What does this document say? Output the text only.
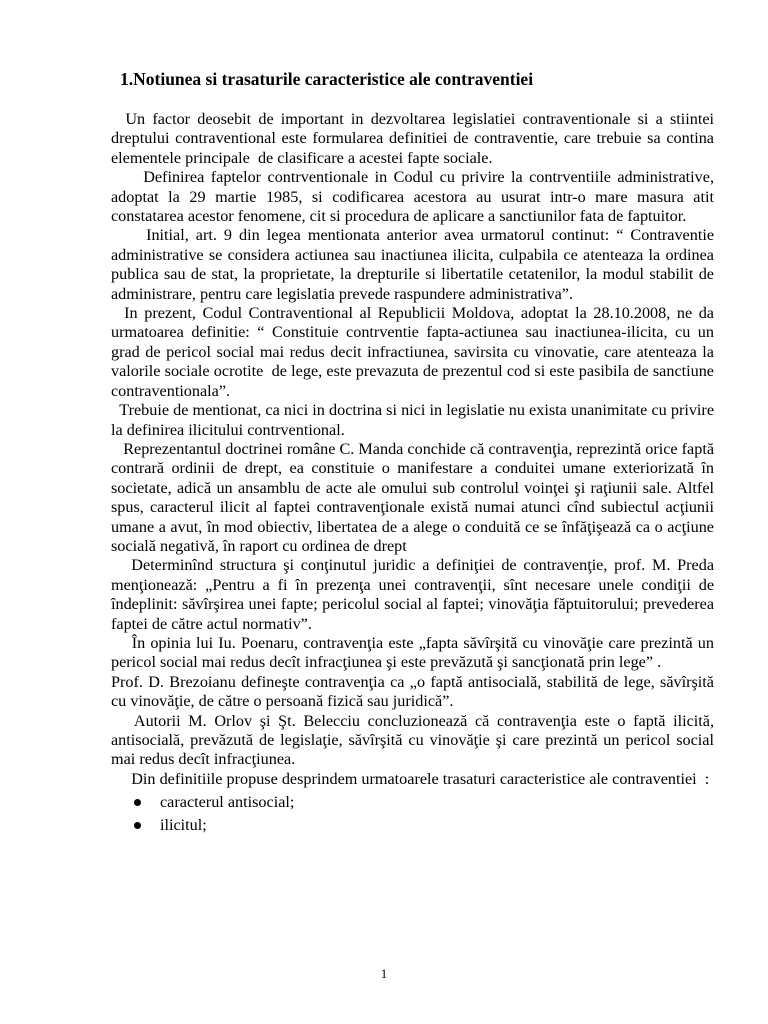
1.Notiunea si trasaturile caracteristice ale contraventiei

Un factor deosebit de important in dezvoltarea legislatiei contraventionale si a stiintei dreptului contraventional este formularea definitiei de contraventie, care trebuie sa contina elementele principale  de clasificare a acestei fapte sociale.

Definirea faptelor contrventionale in Codul cu privire la contrventiile administrative, adoptat la 29 martie 1985, si codificarea acestora au usurat intr-o mare masura atit constatarea acestor fenomene, cit si procedura de aplicare a sanctiunilor fata de faptuitor.

Initial, art. 9 din legea mentionata anterior avea urmatorul continut: “ Contraventie administrative se considera actiunea sau inactiunea ilicita, culpabila ce atenteaza la ordinea publica sau de stat, la proprietate, la drepturile si libertatile cetatenilor, la modul stabilit de administrare, pentru care legislatia prevede raspundere administrativa”.

In prezent, Codul Contraventional al Republicii Moldova, adoptat la 28.10.2008, ne da urmatoarea definitie: “ Constituie contrventie fapta-actiunea sau inactiunea-ilicita, cu un grad de pericol social mai redus decit infractiunea, savirsita cu vinovatie, care atenteaza la valorile sociale ocrotite  de lege, este prevazuta de prezentul cod si este pasibila de sanctiune contraventionala”.

Trebuie de mentionat, ca nici in doctrina si nici in legislatie nu exista unanimitate cu privire la definirea ilicitului contrventional.

Reprezentantul doctrinei române C. Manda conchide că contravenţia, reprezintă orice faptă contrară ordinii de drept, ea constituie o manifestare a conduitei umane exteriorizată în societate, adică un ansamblu de acte ale omului sub controlul voinţei şi raţiunii sale. Altfel spus, caracterul ilicit al faptei contravenţionale există numai atunci cînd subiectul acţiunii umane a avut, în mod obiectiv, libertatea de a alege o conduită ce se înfăţişează ca o acţiune socială negativă, în raport cu ordinea de drept

Determinînd structura şi conţinutul juridic a definiţiei de contravenţie, prof. M. Preda  menţionează: „Pentru a fi în prezenţa unei contravenţii, sînt necesare unele condiţii de îndeplinit: săvîrşirea unei fapte; pericolul social al faptei; vinovăţia făptuitorului; prevederea faptei de către actul normativ”.

În opinia lui Iu. Poenaru, contravenţia este „fapta săvîrşită cu vinovăţie care prezintă un pericol social mai redus decît infracţiunea şi este prevăzută şi sancţionată prin lege” .

Prof. D. Brezoianu defineşte contravenţia ca „o faptă antisocială, stabilită de lege, săvîrşită cu vinovăţie, de către o persoană fizică sau juridică”.

Autorii M. Orlov şi Şt. Belecciu concluzionează că contravenţia este o faptă ilicită, antisocială, prevăzută de legislaţie, săvîrşită cu vinovăţie şi care prezintă un pericol social mai redus decît infracţiunea.

Din definitiile propuse desprindem urmatoarele trasaturi caracteristice ale contraventiei  :

caracterul antisocial;
ilicitul;
1
